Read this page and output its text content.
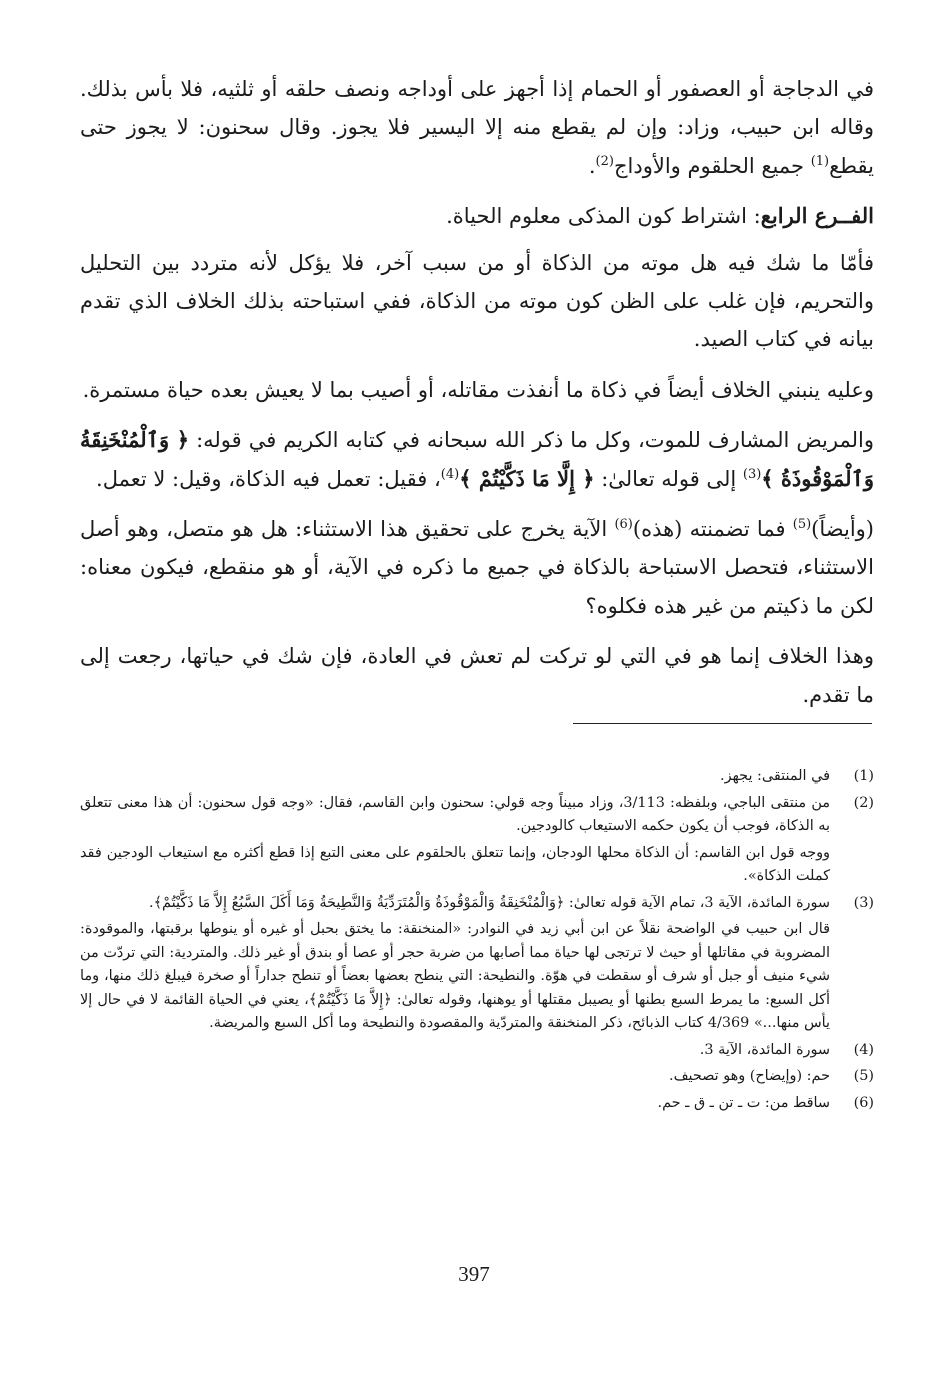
في الدجاجة أو العصفور أو الحمام إذا أجهز على أوداجه ونصف حلقه أو ثلثيه، فلا بأس بذلك. وقاله ابن حبيب، وزاد: وإن لم يقطع منه إلا اليسير فلا يجوز. وقال سحنون: لا يجوز حتى يقطع$^{(1)}$ جميع الحلقوم والأوداج$^{(2)}$.

الفــرع الرابع: اشتراط كون المذكى معلوم الحياة.

فأمّا ما شك فيه هل موته من الذكاة أو من سبب آخر، فلا يؤكل لأنه متردد بين التحليل والتحريم، فإن غلب على الظن كون موته من الذكاة، ففي استباحته بذلك الخلاف الذي تقدم بيانه في كتاب الصيد.

وعليه ينبني الخلاف أيضاً في ذكاة ما أنفذت مقاتله، أو أصيب بما لا يعيش بعده حياة مستمرة.

والمريض المشارف للموت، وكل ما ذكر الله سبحانه في كتابه الكريم في قوله: ﴿ وَٱلْمُنْخَنِقَةُ وَٱلْمَوْقُوذَةُ ﴾$^{(3)}$ إلى قوله تعالىٰ: ﴿ إِلَّا مَا ذَكَّيْتُمْ ﴾$^{(4)}$، فقيل: تعمل فيه الذكاة، وقيل: لا تعمل.

(وأيضاً)$^{(5)}$ فما تضمنته (هذه)$^{(6)}$ الآية يخرج على تحقيق هذا الاستثناء: هل هو متصل، وهو أصل الاستثناء، فتحصل الاستباحة بالذكاة في جميع ما ذكره في الآية، أو هو منقطع، فيكون معناه: لكن ما ذكيتم من غير هذه فكلوه؟

وهذا الخلاف إنما هو في التي لو تركت لم تعش في العادة، فإن شك في حياتها، رجعت إلى ما تقدم.

(1)
في المنتقى: يجهز.
(2)
من منتقى الباجي، وبلفظه: 3/113، وزاد مبيناً وجه قولي: سحنون وابن القاسم، فقال: «وجه قول سحنون: أن هذا معنى تتعلق به الذكاة، فوجب أن يكون حكمه الاستيعاب كالودجين.
ووجه قول ابن القاسم: أن الذكاة محلها الودجان، وإنما تتعلق بالحلقوم على معنى التبع إذا قطع أكثره مع استيعاب الودجين فقد كملت الذكاة».
(3)
سورة المائدة، الآية 3، تمام الآية قوله تعالىٰ: ﴿وَالْمُنْخَنِقَةُ وَالْمَوْقُوذَةُ وَالْمُتَرَدِّيَةُ وَالنَّطِيحَةُ وَمَا أَكَلَ السَّبُعُ إِلاَّ مَا ذَكَّيْتُمْ﴾.
قال ابن حبيب في الواضحة نقلاً عن ابن أبي زيد في النوادر: «المنخنقة: ما يختق بحبل أو غيره أو ينوطها برقبتها، والموقودة: المضروبة في مقاتلها أو حيث لا ترتجى لها حياة مما أصابها من ضربة حجر أو عصا أو بندق أو غير ذلك. والمتردية: التي تردّت من شيء منيف أو جبل أو شرف أو سقطت في هوّة. والنطيحة: التي ينطح بعضها بعضاً أو تنطح جداراً أو صخرة فيبلغ ذلك منها، وما أكل السبع: ما يمرط السبع بطنها أو يصيبل مقتلها أو يوهنها، وقوله تعالىٰ: ﴿إِلاَّ مَا ذَكَّيْتُمْ﴾، يعني في الحياة القائمة لا في حال إلا يأس منها...» 4/369 كتاب الذبائح، ذكر المنخنقة والمتردّية والمقصودة والنطيحة وما أكل السبع والمريضة.
(4)
سورة المائدة، الآية 3.
(5)
حم: (وإيضاح) وهو تصحيف.
(6)
ساقط من: ت ـ تن ـ ق ـ حم.
397
